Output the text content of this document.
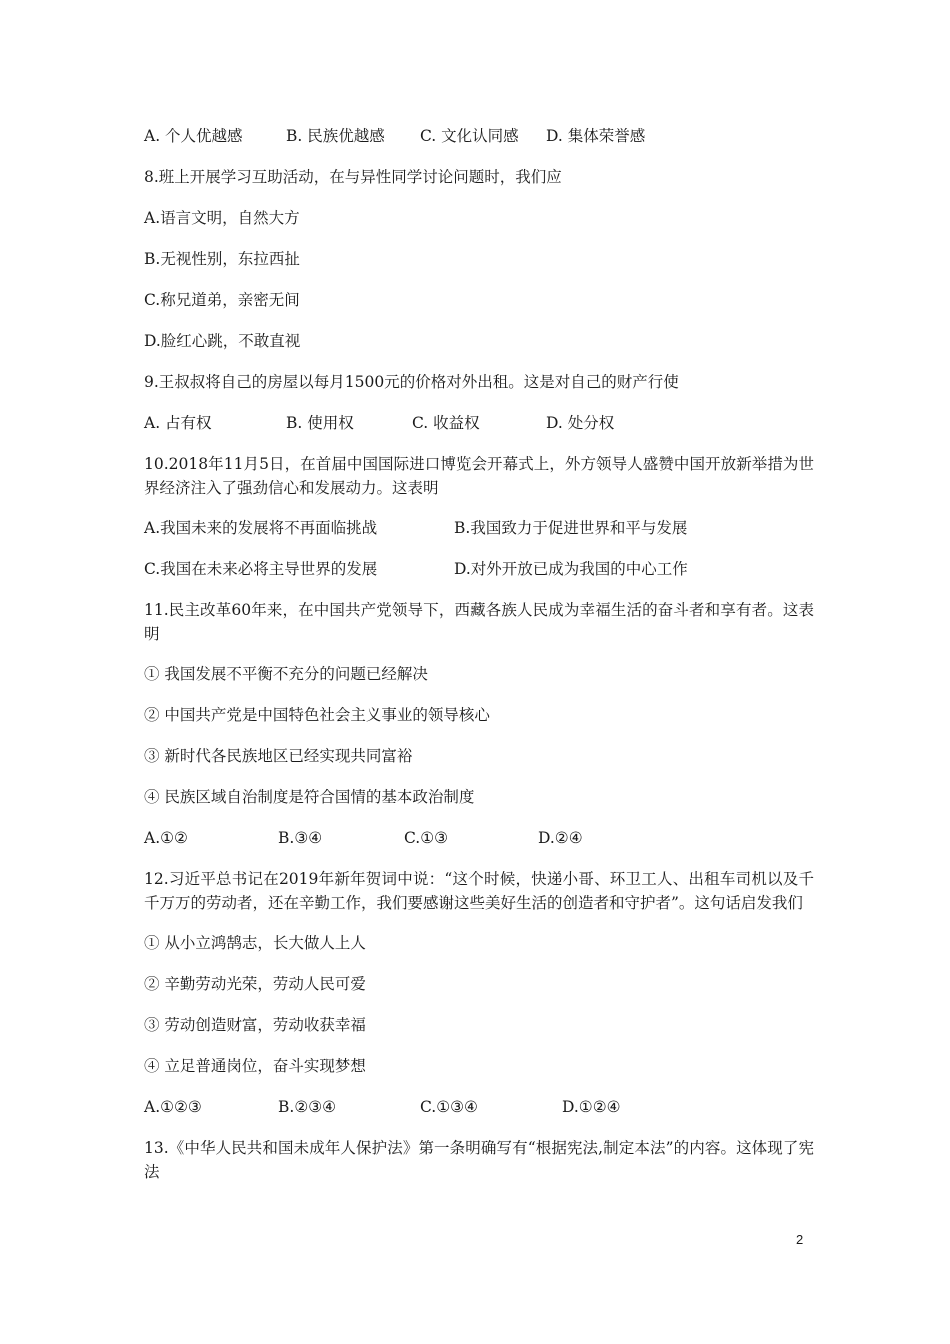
A. 个人优越感	B. 民族优越感	C. 文化认同感	D. 集体荣誉感
8.班上开展学习互助活动，在与异性同学讨论问题时，我们应
A.语言文明，自然大方
B.无视性别，东拉西扯
C.称兄道弟，亲密无间
D.脸红心跳，不敢直视
9.王叔叔将自己的房屋以每月1500元的价格对外出租。这是对自己的财产行使
A. 占有权	B. 使用权	C. 收益权	D. 处分权
10.2018年11月5日，在首届中国国际进口博览会开幕式上，外方领导人盛赞中国开放新举措为世界经济注入了强劲信心和发展动力。这表明
A.我国未来的发展将不再面临挑战	B.我国致力于促进世界和平与发展
C.我国在未来必将主导世界的发展	D.对外开放已成为我国的中心工作
11.民主改革60年来，在中国共产党领导下，西藏各族人民成为幸福生活的奋斗者和享有者。这表明
① 我国发展不平衡不充分的问题已经解决
② 中国共产党是中国特色社会主义事业的领导核心
③ 新时代各民族地区已经实现共同富裕
④ 民族区域自治制度是符合国情的基本政治制度
A.①②	B.③④	C.①③	D.②④
12.习近平总书记在2019年新年贺词中说：“这个时候，快递小哥、环卫工人、出租车司机以及千千万万的劳动者，还在辛勤工作，我们要感谢这些美好生活的创造者和守护者”。这句话启发我们
① 从小立鸿鹄志，长大做人上人
② 辛勤劳动光荣，劳动人民可爱
③ 劳动创造财富，劳动收获幸福
④ 立足普通岗位，奋斗实现梦想
A.①②③	B.②③④	C.①③④	D.①②④
13.《中华人民共和国未成年人保护法》第一条明确写有“根据宪法,制定本法”的内容。这体现了宪法
2
